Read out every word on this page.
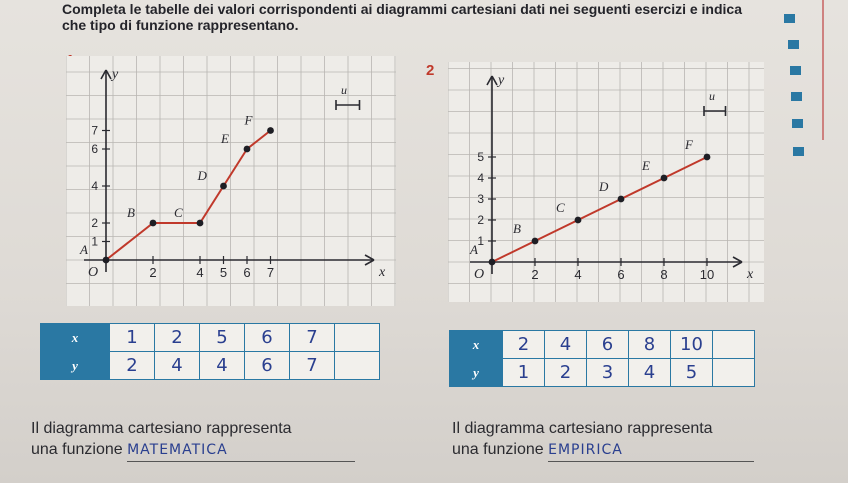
Completa le tabelle dei valori corrispondenti ai diagrammi cartesiani dati nei seguenti esercizi e indica che tipo di funzione rappresentano.

x
y
O
u
2	4 5 6 7
1
2
4
6
7
A
B	C
D
E
F
x	1	2	5	6	7	
y	2	4	4	6	7	
Il diagramma cartesiano rappresenta
una funzione MATEMATICA
2
x
y
O
u
2	4	6	8 10
1
2
3
4
5
A
B
C
D
E
F
x	2	4	6	8	10	
y	1	2	3	4	5	
Il diagramma cartesiano rappresenta
una funzione EMPIRICA
